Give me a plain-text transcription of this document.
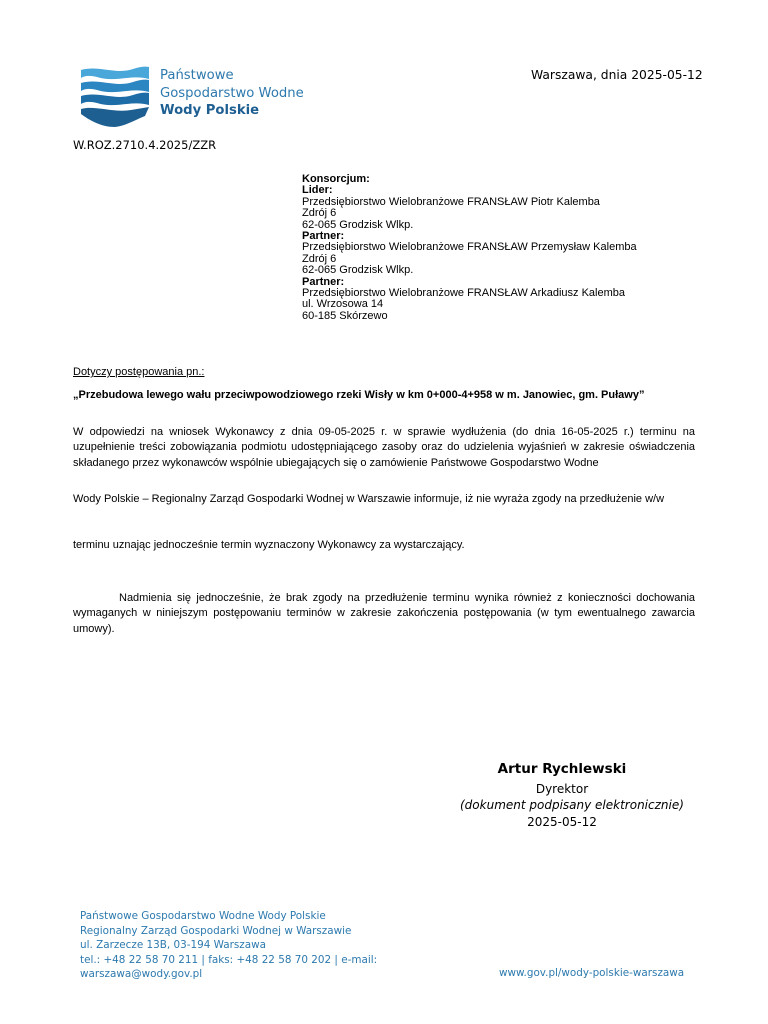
Państwowe
Gospodarstwo Wodne
Wody Polskie
Warszawa, dnia 2025-05-12
W.ROZ.2710.4.2025/ZZR
Konsorcjum:
Lider:
Przedsiębiorstwo Wielobranżowe FRANSŁAW Piotr Kalemba
Zdrój 6
62-065 Grodzisk Wlkp.
Partner:
Przedsiębiorstwo Wielobranżowe FRANSŁAW Przemysław Kalemba
Zdrój 6
62-065 Grodzisk Wlkp.
Partner:
Przedsiębiorstwo Wielobranżowe FRANSŁAW Arkadiusz Kalemba
ul. Wrzosowa 14
60-185 Skórzewo
Dotyczy postępowania pn.:
„Przebudowa lewego wału przeciwpowodziowego rzeki Wisły w km 0+000-4+958 w m. Janowiec, gm. Puławy”
W odpowiedzi na wniosek Wykonawcy z dnia 09-05-2025 r. w sprawie wydłużenia (do dnia 16-05-2025 r.) terminu na uzupełnienie treści zobowiązania podmiotu udostępniającego zasoby oraz do udzielenia wyjaśnień w zakresie oświadczenia składanego przez wykonawców wspólnie ubiegających się o zamówienie Państwowe Gospodarstwo Wodne
Wody Polskie – Regionalny Zarząd Gospodarki Wodnej w Warszawie informuje, iż nie wyraża zgody na przedłużenie w/w
terminu uznając jednocześnie termin wyznaczony Wykonawcy za wystarczający.
Nadmienia się jednocześnie, że brak zgody na przedłużenie terminu wynika również z konieczności dochowania wymaganych w niniejszym postępowaniu terminów w zakresie zakończenia postępowania (w tym ewentualnego zawarcia umowy).
Artur Rychlewski
Dyrektor
(dokument podpisany elektronicznie)
2025-05-12
Państwowe Gospodarstwo Wodne Wody Polskie
Regionalny Zarząd Gospodarki Wodnej w Warszawie
ul. Zarzecze 13B, 03-194 Warszawa
tel.: +48 22 58 70 211 | faks: +48 22 58 70 202 | e-mail:
warszawa@wody.gov.pl	www.gov.pl/wody-polskie-warszawa
